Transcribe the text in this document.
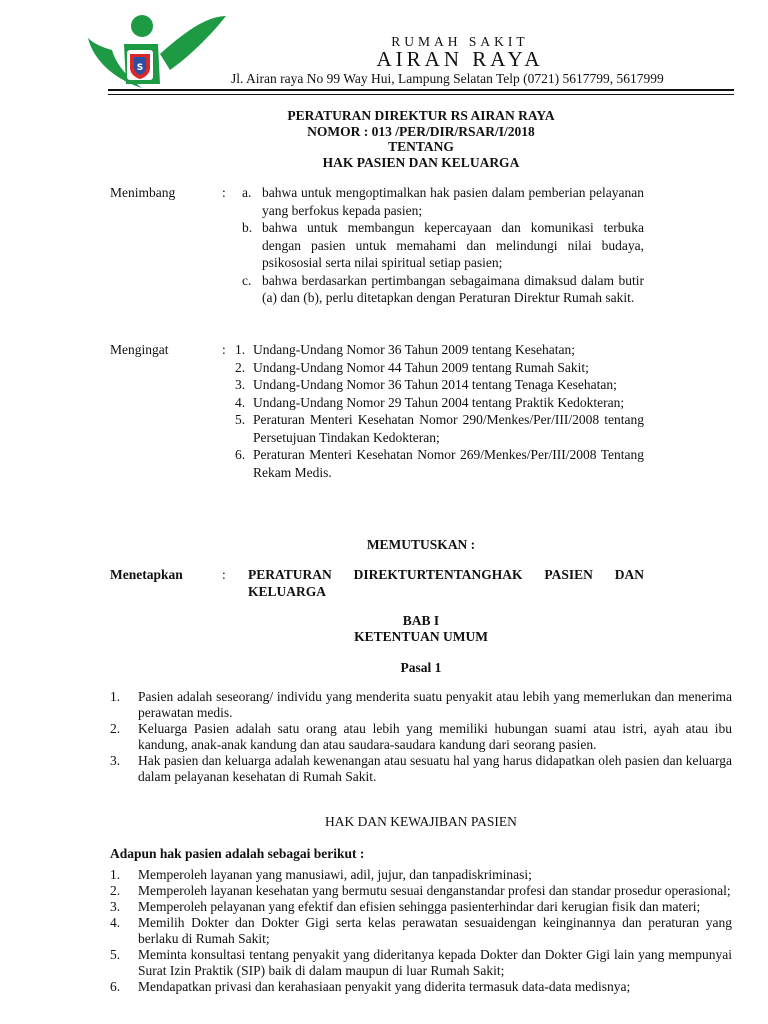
S
RUMAH SAKIT
AIRAN RAYA
Jl. Airan raya No 99 Way Hui, Lampung Selatan Telp (0721) 5617799, 5617999
PERATURAN DIREKTUR RS AIRAN RAYA
NOMOR : 013 /PER/DIR/RSAR/I/2018
TENTANG
HAK PASIEN DAN KELUARGA
Menimbang	: a. bahwa untuk mengoptimalkan hak pasien dalam pemberian pelayanan yang berfokus kepada pasien;
b. bahwa untuk membangun kepercayaan dan komunikasi terbuka dengan pasien untuk memahami dan melindungi nilai budaya, psikososial serta nilai spiritual setiap pasien;
c. bahwa berdasarkan pertimbangan sebagaimana dimaksud dalam butir (a) dan (b), perlu ditetapkan dengan Peraturan Direktur Rumah sakit.
Mengingat	: 1. Undang-Undang Nomor 36 Tahun 2009 tentang Kesehatan;
2. Undang-Undang Nomor 44 Tahun 2009 tentang Rumah Sakit;
3. Undang-Undang Nomor 36 Tahun 2014 tentang Tenaga Kesehatan;
4. Undang-Undang Nomor 29 Tahun 2004 tentang Praktik Kedokteran;
5. Peraturan Menteri Kesehatan Nomor 290/Menkes/Per/III/2008 tentang Persetujuan Tindakan Kedokteran;
6. Peraturan Menteri Kesehatan Nomor 269/Menkes/Per/III/2008 Tentang Rekam Medis.
MEMUTUSKAN :
Menetapkan	: PERATURAN DIREKTURTENTANGHAK PASIEN DAN KELUARGA
BAB I
KETENTUAN UMUM
Pasal 1
1. Pasien adalah seseorang/ individu yang menderita suatu penyakit atau lebih yang memerlukan dan menerima perawatan medis.
2. Keluarga Pasien adalah satu orang atau lebih yang memiliki hubungan suami atau istri, ayah atau ibu kandung, anak-anak kandung dan atau saudara-saudara kandung dari seorang pasien.
3. Hak pasien dan keluarga adalah kewenangan atau sesuatu hal yang harus didapatkan oleh pasien dan keluarga dalam pelayanan kesehatan di Rumah Sakit.
HAK DAN KEWAJIBAN PASIEN
Adapun hak pasien adalah sebagai berikut :
1. Memperoleh layanan yang manusiawi, adil, jujur, dan tanpadiskriminasi;
2. Memperoleh layanan kesehatan yang bermutu sesuai denganstandar profesi dan standar prosedur operasional;
3. Memperoleh pelayanan yang efektif dan efisien sehingga pasienterhindar dari kerugian fisik dan materi;
4. Memilih Dokter dan Dokter Gigi serta kelas perawatan sesuaidengan keinginannya dan peraturan yang berlaku di Rumah Sakit;
5. Meminta konsultasi tentang penyakit yang dideritanya kepada Dokter dan Dokter Gigi lain yang mempunyai Surat Izin Praktik (SIP) baik di dalam maupun di luar Rumah Sakit;
6. Mendapatkan privasi dan kerahasiaan penyakit yang diderita termasuk data-data medisnya;
